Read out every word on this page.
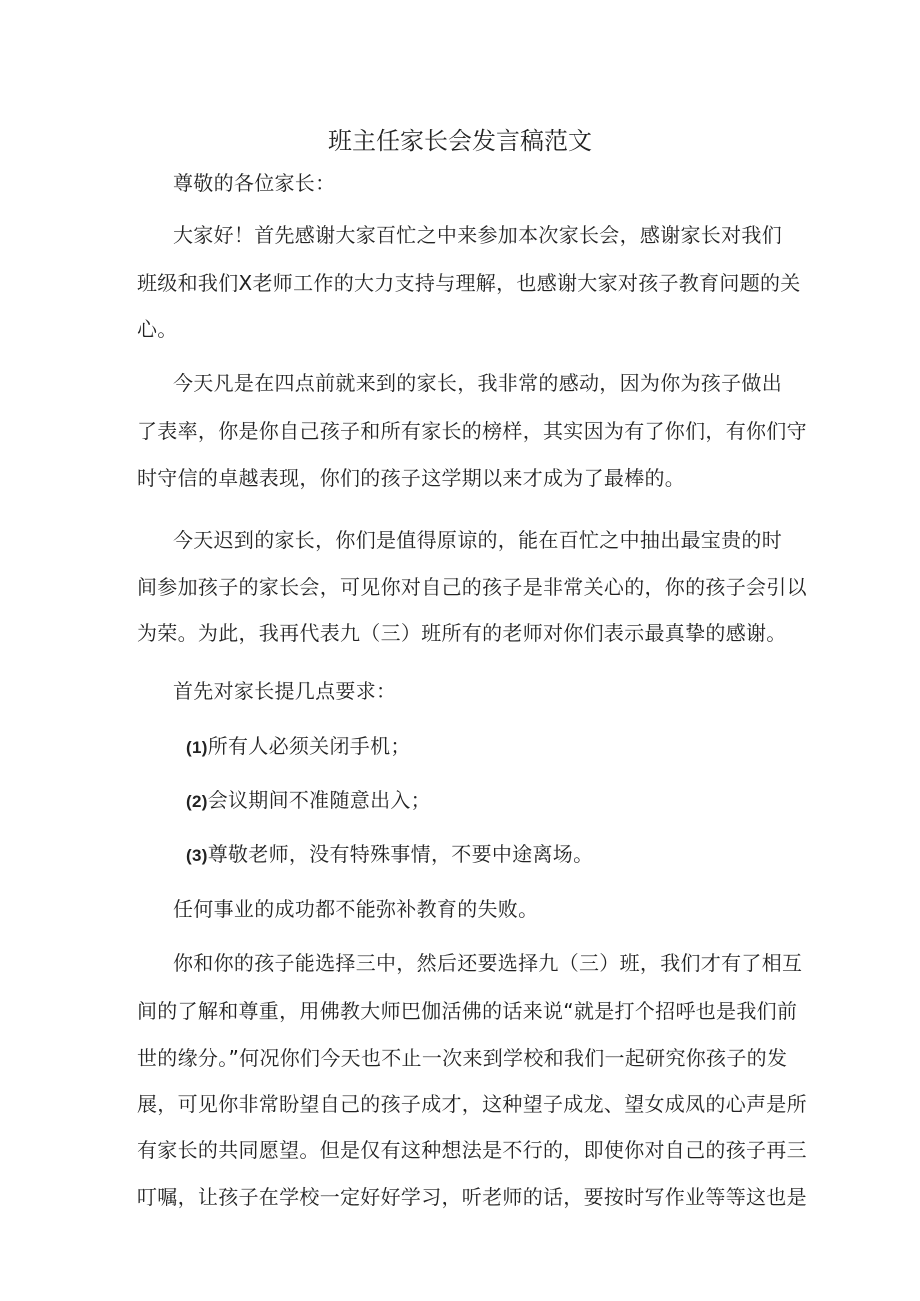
班主任家长会发言稿范文
尊敬的各位家长：
大家好！首先感谢大家百忙之中来参加本次家长会，感谢家长对我们
班级和我们X老师工作的大力支持与理解，也感谢大家对孩子教育问题的关
心。
今天凡是在四点前就来到的家长，我非常的感动，因为你为孩子做出
了表率，你是你自己孩子和所有家长的榜样，其实因为有了你们，有你们守
时守信的卓越表现，你们的孩子这学期以来才成为了最棒的。
今天迟到的家长，你们是值得原谅的，能在百忙之中抽出最宝贵的时
间参加孩子的家长会，可见你对自己的孩子是非常关心的，你的孩子会引以
为荣。为此，我再代表九（三）班所有的老师对你们表示最真挚的感谢。
首先对家长提几点要求：
(1)所有人必须关闭手机；
(2)会议期间不准随意出入；
(3)尊敬老师，没有特殊事情，不要中途离场。
任何事业的成功都不能弥补教育的失败。
你和你的孩子能选择三中，然后还要选择九（三）班，我们才有了相互
间的了解和尊重，用佛教大师巴伽活佛的话来说“就是打个招呼也是我们前
世的缘分。”何况你们今天也不止一次来到学校和我们一起研究你孩子的发
展，可见你非常盼望自己的孩子成才，这种望子成龙、望女成凤的心声是所
有家长的共同愿望。但是仅有这种想法是不行的，即使你对自己的孩子再三
叮嘱，让孩子在学校一定好好学习，听老师的话，要按时写作业等等这也是
